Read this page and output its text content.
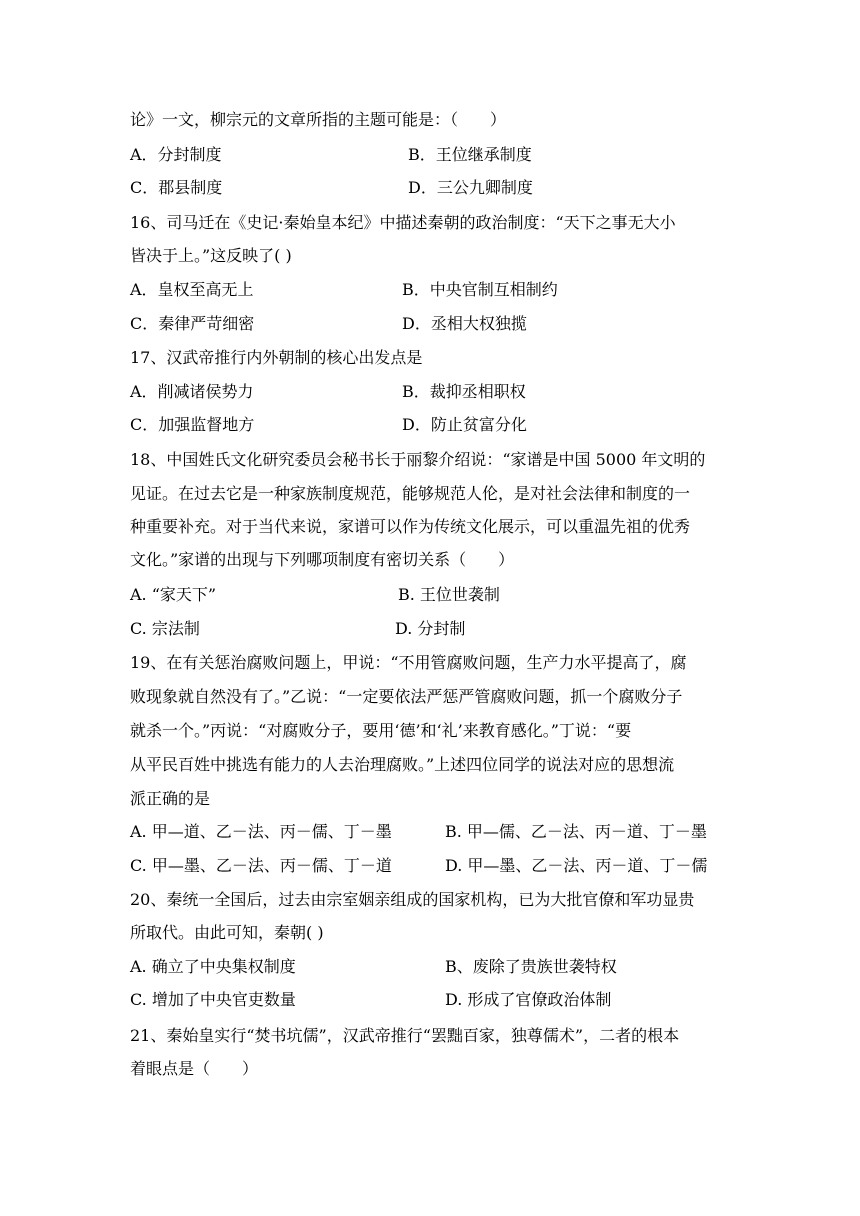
论》一文，柳宗元的文章所指的主题可能是：（　　）
A．分封制度	B．王位继承制度
C．郡县制度	D．三公九卿制度
16、司马迁在《史记·秦始皇本纪》中描述秦朝的政治制度：“天下之事无大小
皆决于上。”这反映了( )
A．皇权至高无上	B．中央官制互相制约
C．秦律严苛细密	D．丞相大权独揽
17、汉武帝推行内外朝制的核心出发点是
A．削减诸侯势力	B．裁抑丞相职权
C．加强监督地方	D．防止贫富分化
18、中国姓氏文化研究委员会秘书长于丽黎介绍说：“家谱是中国 5000 年文明的
见证。在过去它是一种家族制度规范，能够规范人伦，是对社会法律和制度的一
种重要补充。对于当代来说，家谱可以作为传统文化展示，可以重温先祖的优秀
文化。”家谱的出现与下列哪项制度有密切关系（　　）
A. “家天下”	B. 王位世袭制
C. 宗法制	D. 分封制
19、在有关惩治腐败问题上，甲说：“不用管腐败问题，生产力水平提高了，腐
败现象就自然没有了。”乙说：“一定要依法严惩严管腐败问题，抓一个腐败分子
就杀一个。”丙说：“对腐败分子，要用‘德’和‘礼’来教育感化。”丁说：“要
从平民百姓中挑选有能力的人去治理腐败。”上述四位同学的说法对应的思想流
派正确的是
A. 甲—道、乙－法、丙－儒、丁－墨	B. 甲—儒、乙－法、丙－道、丁－墨
C. 甲—墨、乙－法、丙－儒、丁－道	D. 甲—墨、乙－法、丙－道、丁－儒
20、秦统一全国后，过去由宗室姻亲组成的国家机构，已为大批官僚和军功显贵
所取代。由此可知，秦朝( )
A. 确立了中央集权制度	B、废除了贵族世袭特权
C. 增加了中央官吏数量	D. 形成了官僚政治体制
21、秦始皇实行“焚书坑儒”，汉武帝推行“罢黜百家，独尊儒术”，二者的根本
着眼点是（　　）
